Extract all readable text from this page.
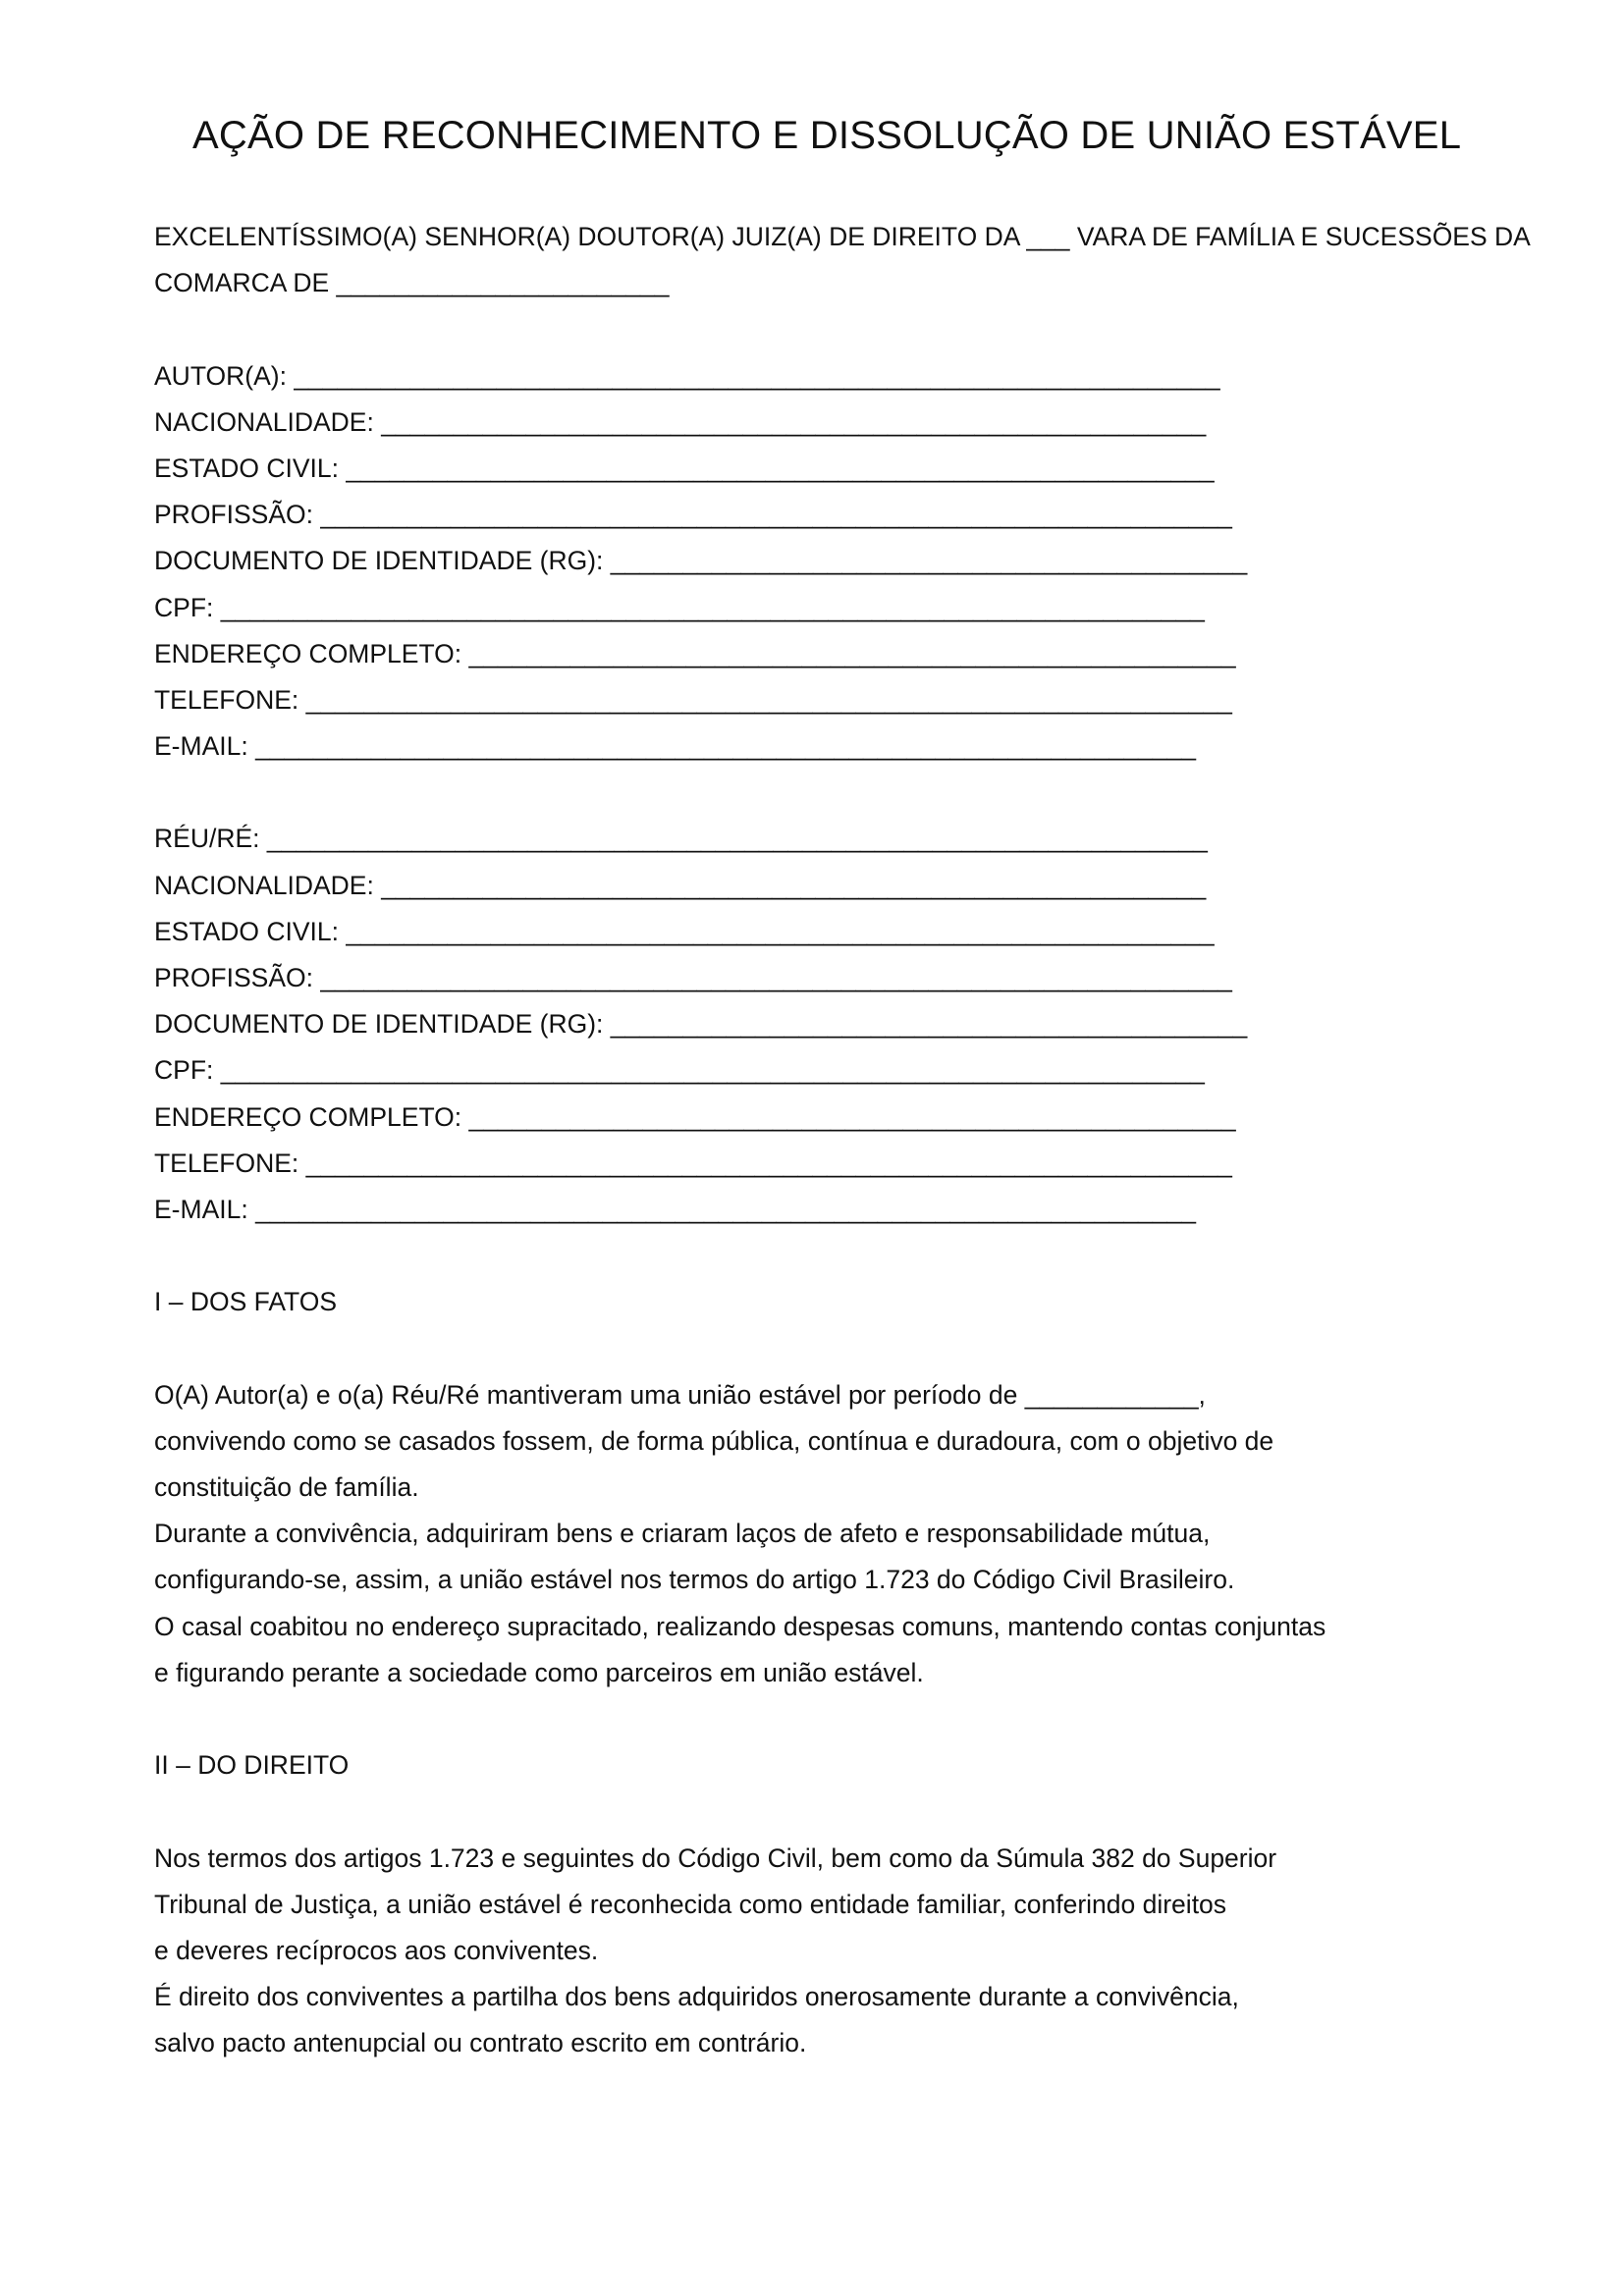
AÇÃO DE RECONHECIMENTO E DISSOLUÇÃO DE UNIÃO ESTÁVEL
EXCELENTÍSSIMO(A) SENHOR(A) DOUTOR(A) JUIZ(A) DE DIREITO DA ___ VARA DE FAMÍLIA E SUCESSÕES DA
COMARCA DE _______________________
AUTOR(A): ________________________________________________________________
NACIONALIDADE: _________________________________________________________
ESTADO CIVIL: ____________________________________________________________
PROFISSÃO: _______________________________________________________________
DOCUMENTO DE IDENTIDADE (RG): ____________________________________________
CPF: ____________________________________________________________________
ENDEREÇO COMPLETO: _____________________________________________________
TELEFONE: ________________________________________________________________
E-MAIL: _________________________________________________________________
RÉU/RÉ: _________________________________________________________________
NACIONALIDADE: _________________________________________________________
ESTADO CIVIL: ____________________________________________________________
PROFISSÃO: _______________________________________________________________
DOCUMENTO DE IDENTIDADE (RG): ____________________________________________
CPF: ____________________________________________________________________
ENDEREÇO COMPLETO: _____________________________________________________
TELEFONE: ________________________________________________________________
E-MAIL: _________________________________________________________________
I – DOS FATOS
O(A) Autor(a) e o(a) Réu/Ré mantiveram uma união estável por período de ____________,
convivendo como se casados fossem, de forma pública, contínua e duradoura, com o objetivo de
constituição de família.
Durante a convivência, adquiriram bens e criaram laços de afeto e responsabilidade mútua,
configurando-se, assim, a união estável nos termos do artigo 1.723 do Código Civil Brasileiro.
O casal coabitou no endereço supracitado, realizando despesas comuns, mantendo contas conjuntas
e figurando perante a sociedade como parceiros em união estável.
II – DO DIREITO
Nos termos dos artigos 1.723 e seguintes do Código Civil, bem como da Súmula 382 do Superior
Tribunal de Justiça, a união estável é reconhecida como entidade familiar, conferindo direitos
e deveres recíprocos aos conviventes.
É direito dos conviventes a partilha dos bens adquiridos onerosamente durante a convivência,
salvo pacto antenupcial ou contrato escrito em contrário.
